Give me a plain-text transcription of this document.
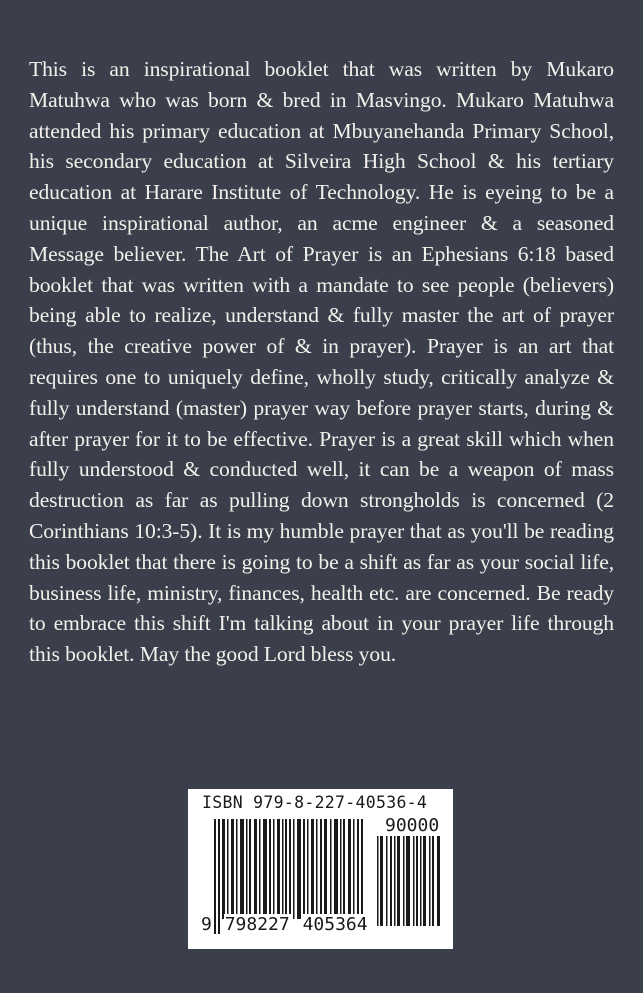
This is an inspirational booklet that was written by Mukaro Matuhwa who was born & bred in Masvingo. Mukaro Matuhwa attended his primary education at Mbuyanehanda Primary School, his secondary education at Silveira High School & his tertiary education at Harare Institute of Technology. He is eyeing to be a unique inspirational author, an acme engineer & a seasoned Message believer. The Art of Prayer is an Ephesians 6:18 based booklet that was written with a mandate to see people (believers) being able to realize, understand & fully master the art of prayer (thus, the creative power of & in prayer). Prayer is an art that requires one to uniquely define, wholly study, critically analyze & fully understand (master) prayer way before prayer starts, during & after prayer for it to be effective. Prayer is a great skill which when fully understood & conducted well, it can be a weapon of mass destruction as far as pulling down strongholds is concerned (2 Corinthians 10:3-5). It is my humble prayer that as you'll be reading this booklet that there is going to be a shift as far as your social life, business life, ministry, finances, health etc. are concerned. Be ready to embrace this shift I'm talking about in your prayer life through this booklet. May the good Lord bless you.

ISBN 979-8-227-40536-4
90000
9 798227 405364
